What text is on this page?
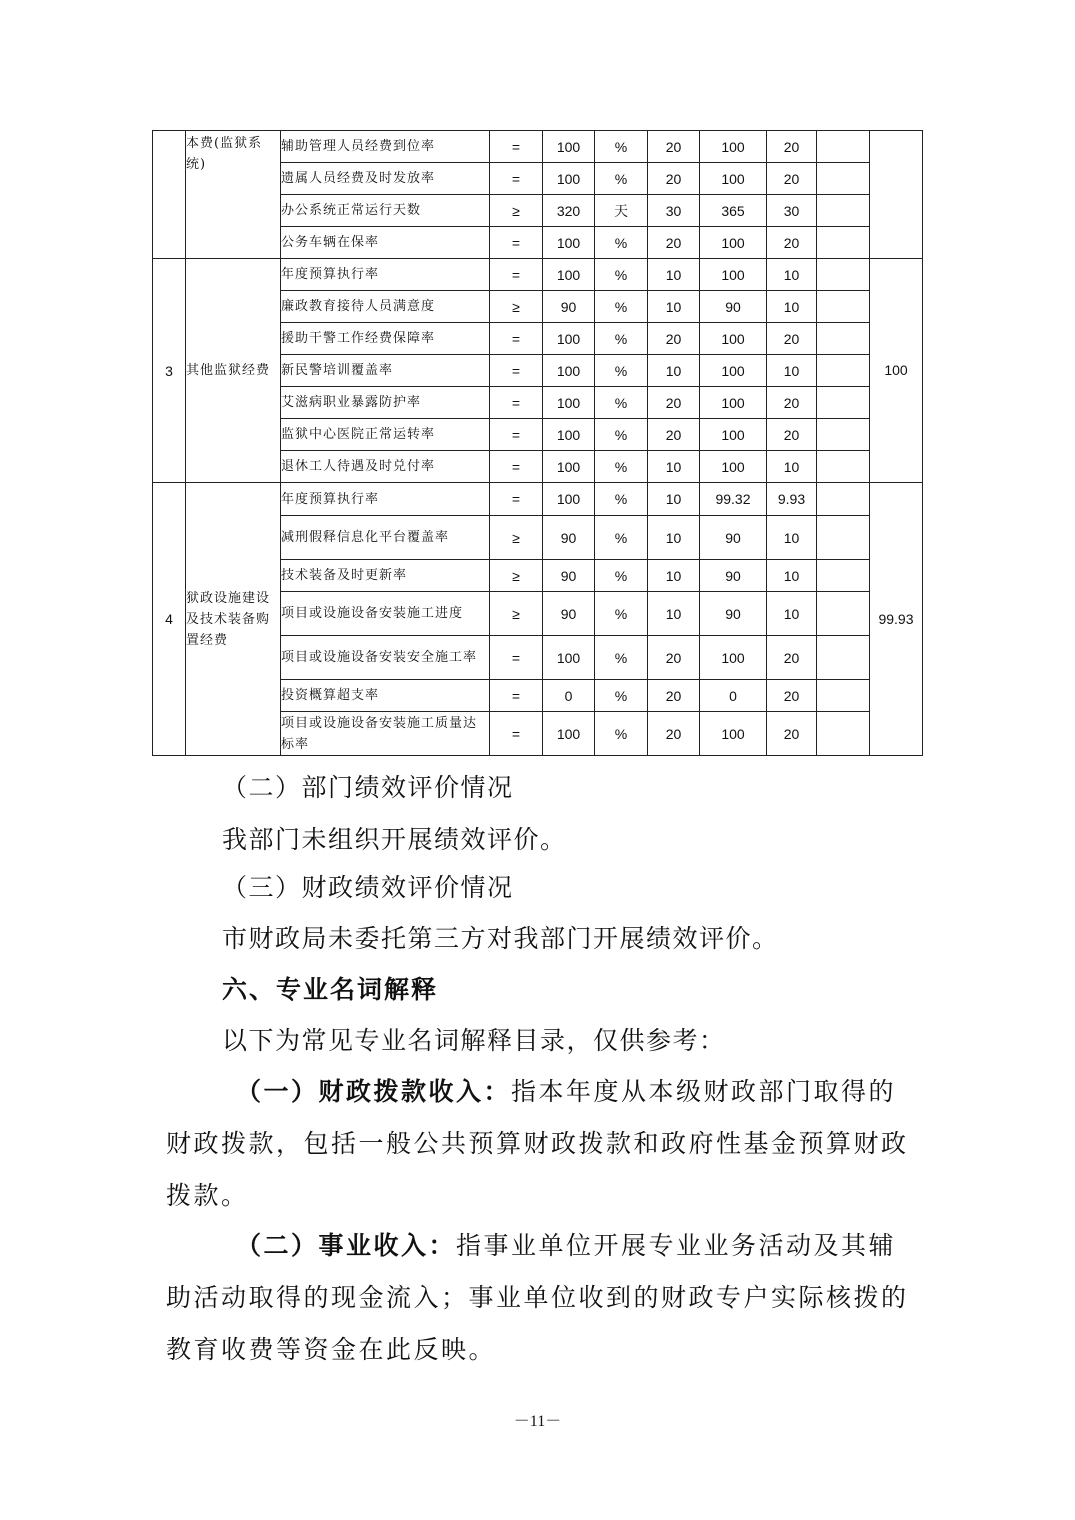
	本费(监狱系统)	辅助管理人员经费到位率	=	100	%	20	100	20		
		遗属人员经费及时发放率	=	100	%	20	100	20		
		办公系统正常运行天数	≥	320	天	30	365	30		
		公务车辆在保率	=	100	%	20	100	20		
3	其他监狱经费	年度预算执行率	=	100	%	10	100	10		100
		廉政教育接待人员满意度	≥	90	%	10	90	10		
		援助干警工作经费保障率	=	100	%	20	100	20		
		新民警培训覆盖率	=	100	%	10	100	10		
		艾滋病职业暴露防护率	=	100	%	20	100	20		
		监狱中心医院正常运转率	=	100	%	20	100	20		
		退休工人待遇及时兑付率	=	100	%	10	100	10		
4	狱政设施建设及技术装备购置经费	年度预算执行率	=	100	%	10	99.32	9.93		99.93
		减刑假释信息化平台覆盖率	≥	90	%	10	90	10		
		技术装备及时更新率	≥	90	%	10	90	10		
		项目或设施设备安装施工进度	≥	90	%	10	90	10		
		项目或设施设备安装安全施工率	=	100	%	20	100	20		
		投资概算超支率	=	0	%	20	0	20		
		项目或设施设备安装施工质量达标率	=	100	%	20	100	20		

（二）部门绩效评价情况

我部门未组织开展绩效评价。

（三）财政绩效评价情况

市财政局未委托第三方对我部门开展绩效评价。

六、专业名词解释

以下为常见专业名词解释目录，仅供参考：

（一）财政拨款收入：指本年度从本级财政部门取得的财政拨款，包括一般公共预算财政拨款和政府性基金预算财政拨款。

（二）事业收入：指事业单位开展专业业务活动及其辅助活动取得的现金流入；事业单位收到的财政专户实际核拨的教育收费等资金在此反映。

－11－
